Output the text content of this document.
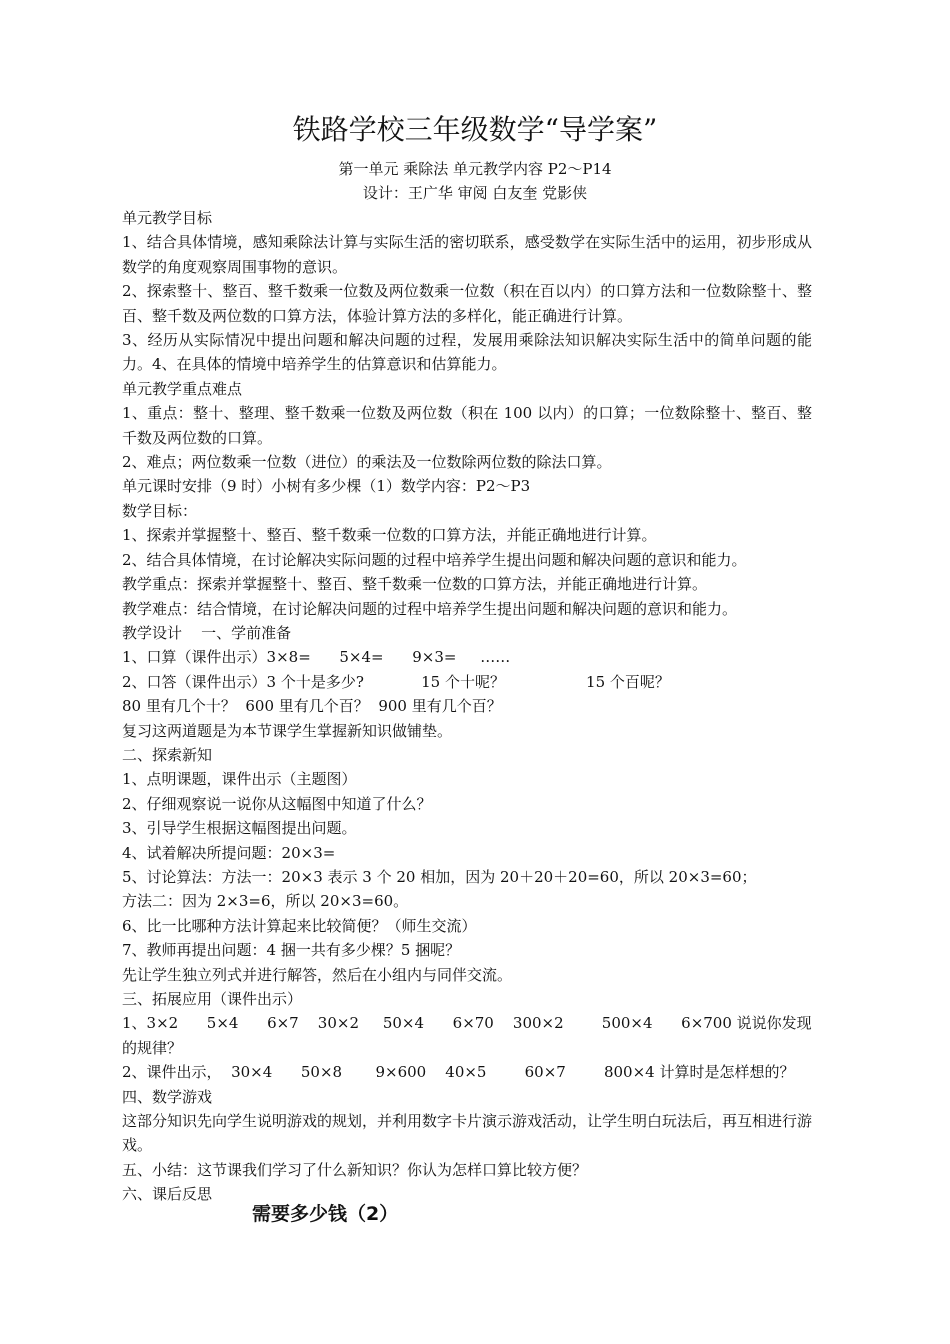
铁路学校三年级数学“导学案”
第一单元 乘除法 单元教学内容 P2～P14
设计：王广华 审阅 白友奎 党影侠

单元教学目标

1、结合具体情境，感知乘除法计算与实际生活的密切联系，感受数学在实际生活中的运用，初步形成从数学的角度观察周围事物的意识。

2、探索整十、整百、整千数乘一位数及两位数乘一位数（积在百以内）的口算方法和一位数除整十、整百、整千数及两位数的口算方法，体验计算方法的多样化，能正确进行计算。

3、经历从实际情况中提出问题和解决问题的过程，发展用乘除法知识解决实际生活中的简单问题的能力。4、在具体的情境中培养学生的估算意识和估算能力。

单元教学重点难点

1、重点：整十、整理、整千数乘一位数及两位数（积在 100 以内）的口算；一位数除整十、整百、整千数及两位数的口算。

2、难点；两位数乘一位数（进位）的乘法及一位数除两位数的除法口算。

单元课时安排（9 时）小树有多少棵（1）数学内容：P2～P3

数学目标：

1、探索并掌握整十、整百、整千数乘一位数的口算方法，并能正确地进行计算。

2、结合具体情境，在讨论解决实际问题的过程中培养学生提出问题和解决问题的意识和能力。

教学重点：探索并掌握整十、整百、整千数乘一位数的口算方法，并能正确地进行计算。

教学难点：结合情境，在讨论解决问题的过程中培养学生提出问题和解决问题的意识和能力。

教学设计    一、学前准备

1、口算（课件出示）3×8=      5×4=      9×3=     ……

2、口答（课件出示）3 个十是多少?            15 个十呢？                 15 个百呢？

80 里有几个十？  600 里有几个百？  900 里有几个百？

复习这两道题是为本节课学生掌握新知识做铺垫。

二、探索新知

1、点明课题，课件出示（主题图）

2、仔细观察说一说你从这幅图中知道了什么？

3、引导学生根据这幅图提出问题。

4、试着解决所提问题：20×3=

5、讨论算法：方法一：20×3 表示 3 个 20 相加，因为 20＋20＋20=60，所以 20×3=60；

方法二：因为 2×3=6，所以 20×3=60。

6、比一比哪种方法计算起来比较简便？（师生交流）

7、教师再提出问题：4 捆一共有多少棵？5 捆呢？

先让学生独立列式并进行解答，然后在小组内与同伴交流。

三、拓展应用（课件出示）

1、3×2      5×4      6×7    30×2     50×4      6×70    300×2        500×4      6×700 说说你发现的规律？

2、课件出示，  30×4      50×8       9×600    40×5        60×7        800×4 计算时是怎样想的？

四、数学游戏

这部分知识先向学生说明游戏的规划，并利用数字卡片演示游戏活动，让学生明白玩法后，再互相进行游戏。

五、小结：这节课我们学习了什么新知识？你认为怎样口算比较方便？

六、课后反思

需要多少钱（2）
